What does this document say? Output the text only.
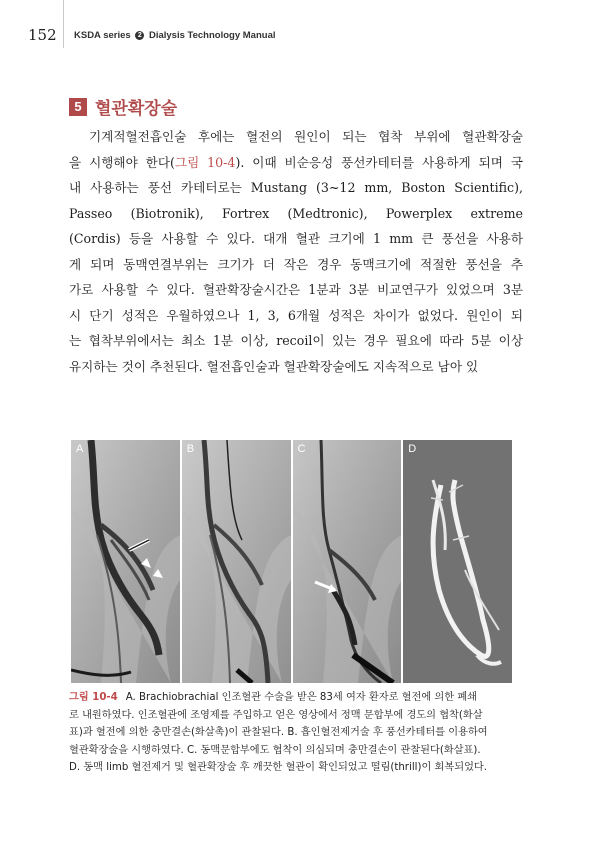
152 KSDA series 2 Dialysis Technology Manual
5 혈관확장술
기계적혈전흡인술 후에는 혈전의 원인이 되는 협착 부위에 혈관확장술
을 시행해야 한다(그림 10-4). 이때 비순응성 풍선카테터를 사용하게 되며 국
내 사용하는 풍선 카테터로는 Mustang (3~12 mm, Boston Scientific),
Passeo (Biotronik), Fortrex (Medtronic), Powerplex extreme
(Cordis) 등을 사용할 수 있다. 대개 혈관 크기에 1 mm 큰 풍선을 사용하
게 되며 동맥연결부위는 크기가 더 작은 경우 동맥크기에 적절한 풍선을 추
가로 사용할 수 있다. 혈관확장술시간은 1분과 3분 비교연구가 있었으며 3분
시 단기 성적은 우월하였으나 1, 3, 6개월 성적은 차이가 없었다. 원인이 되
는 협착부위에서는 최소 1분 이상, recoil이 있는 경우 필요에 따라 5분 이상
유지하는 것이 추천된다. 혈전흡인술과 혈관확장술에도 지속적으로 남아 있
A	B	C	D
그림 10-4 A. Brachiobrachial 인조혈관 수술을 받은 83세 여자 환자로 혈전에 의한 폐쇄
로 내원하였다. 인조혈관에 조영제를 주입하고 얻은 영상에서 정맥 문합부에 경도의 협착(화살
표)과 혈전에 의한 충만결손(화살촉)이 관찰된다. B. 흡인혈전제거술 후 풍선카테터를 이용하여
혈관확장술을 시행하였다. C. 동맥문합부에도 협착이 의심되며 충만결손이 관찰된다(화살표).
D. 동맥 limb 혈전제거 및 혈관확장술 후 깨끗한 혈관이 확인되었고 떨림(thrill)이 회복되었다.
